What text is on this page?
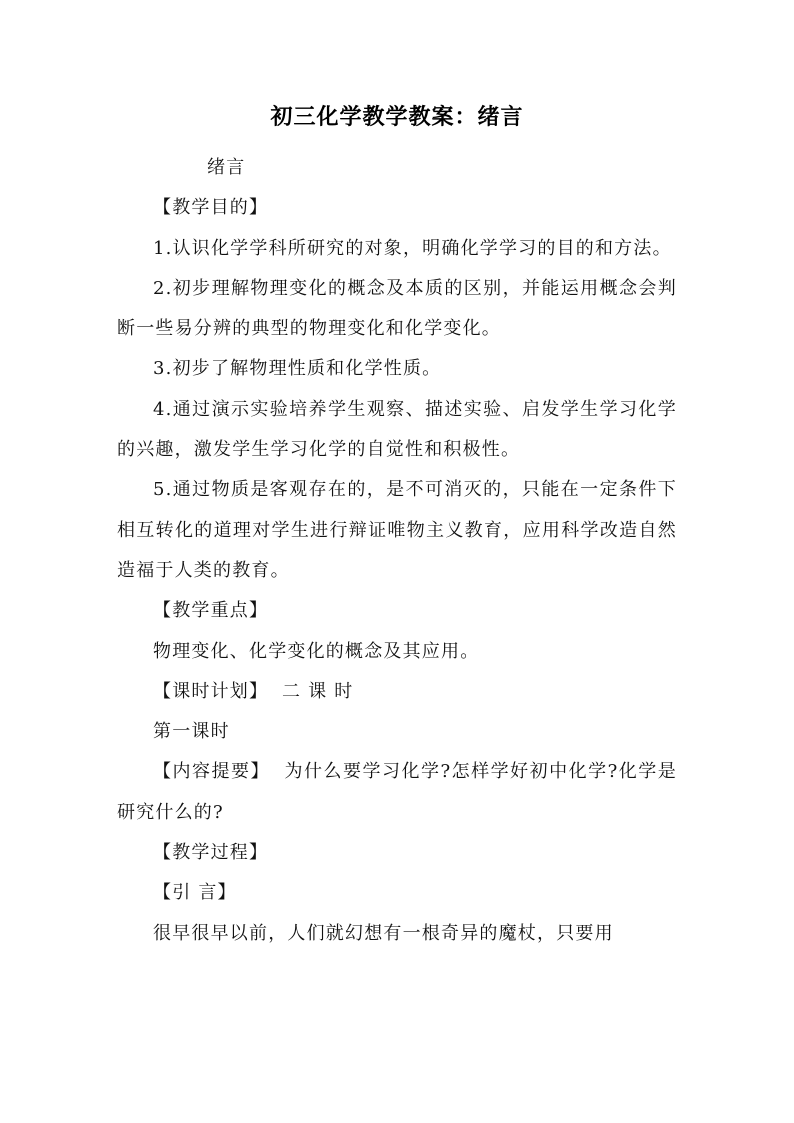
初三化学教学教案：绪言

绪言

【教学目的】

1.认识化学学科所研究的对象，明确化学学习的目的和方法。

2.初步理解物理变化的概念及本质的区别，并能运用概念会判断一些易分辨的典型的物理变化和化学变化。

3.初步了解物理性质和化学性质。

4.通过演示实验培养学生观察、描述实验、启发学生学习化学的兴趣，激发学生学习化学的自觉性和积极性。

5.通过物质是客观存在的，是不可消灭的，只能在一定条件下相互转化的道理对学生进行辩证唯物主义教育，应用科学改造自然造福于人类的教育。

【教学重点】

物理变化、化学变化的概念及其应用。

【课时计划】  二 课 时

第一课时

【内容提要】  为什么要学习化学?怎样学好初中化学?化学是研究什么的?

【教学过程】

【引 言】

很早很早以前，人们就幻想有一根奇异的魔杖，只要用
